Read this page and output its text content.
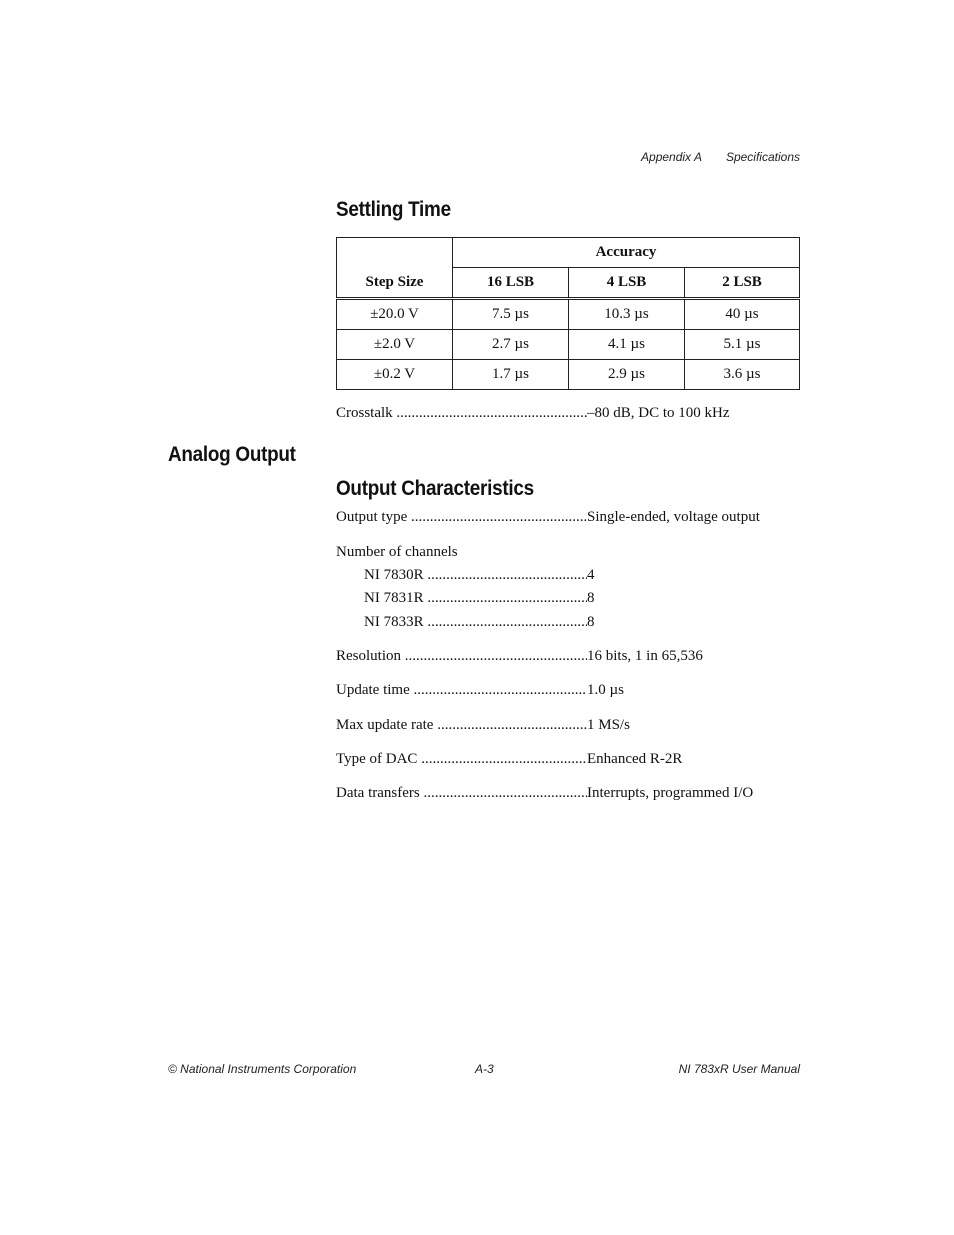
Appendix A Specifications
Settling Time
Step Size	Accuracy		
	16 LSB	4 LSB	2 LSB
±20.0 V	7.5 µs	10.3 µs	40 µs
±2.0 V	2.7 µs	4.1 µs	5.1 µs
±0.2 V	1.7 µs	2.9 µs	3.6 µs
Crosstalk .....	–80 dB, DC to 100 kHz
Analog Output
Output Characteristics
Output type .....	Single-ended, voltage output
Number of channels
NI 7830R .....	4
NI 7831R .....	8
NI 7833R .....	8
Resolution .....	16 bits, 1 in 65,536
Update time .....	1.0 µs
Max update rate .....	1 MS/s
Type of DAC .....	Enhanced R-2R
Data transfers .....	Interrupts, programmed I/O
© National Instruments Corporation	A-3	NI 783xR User Manual
